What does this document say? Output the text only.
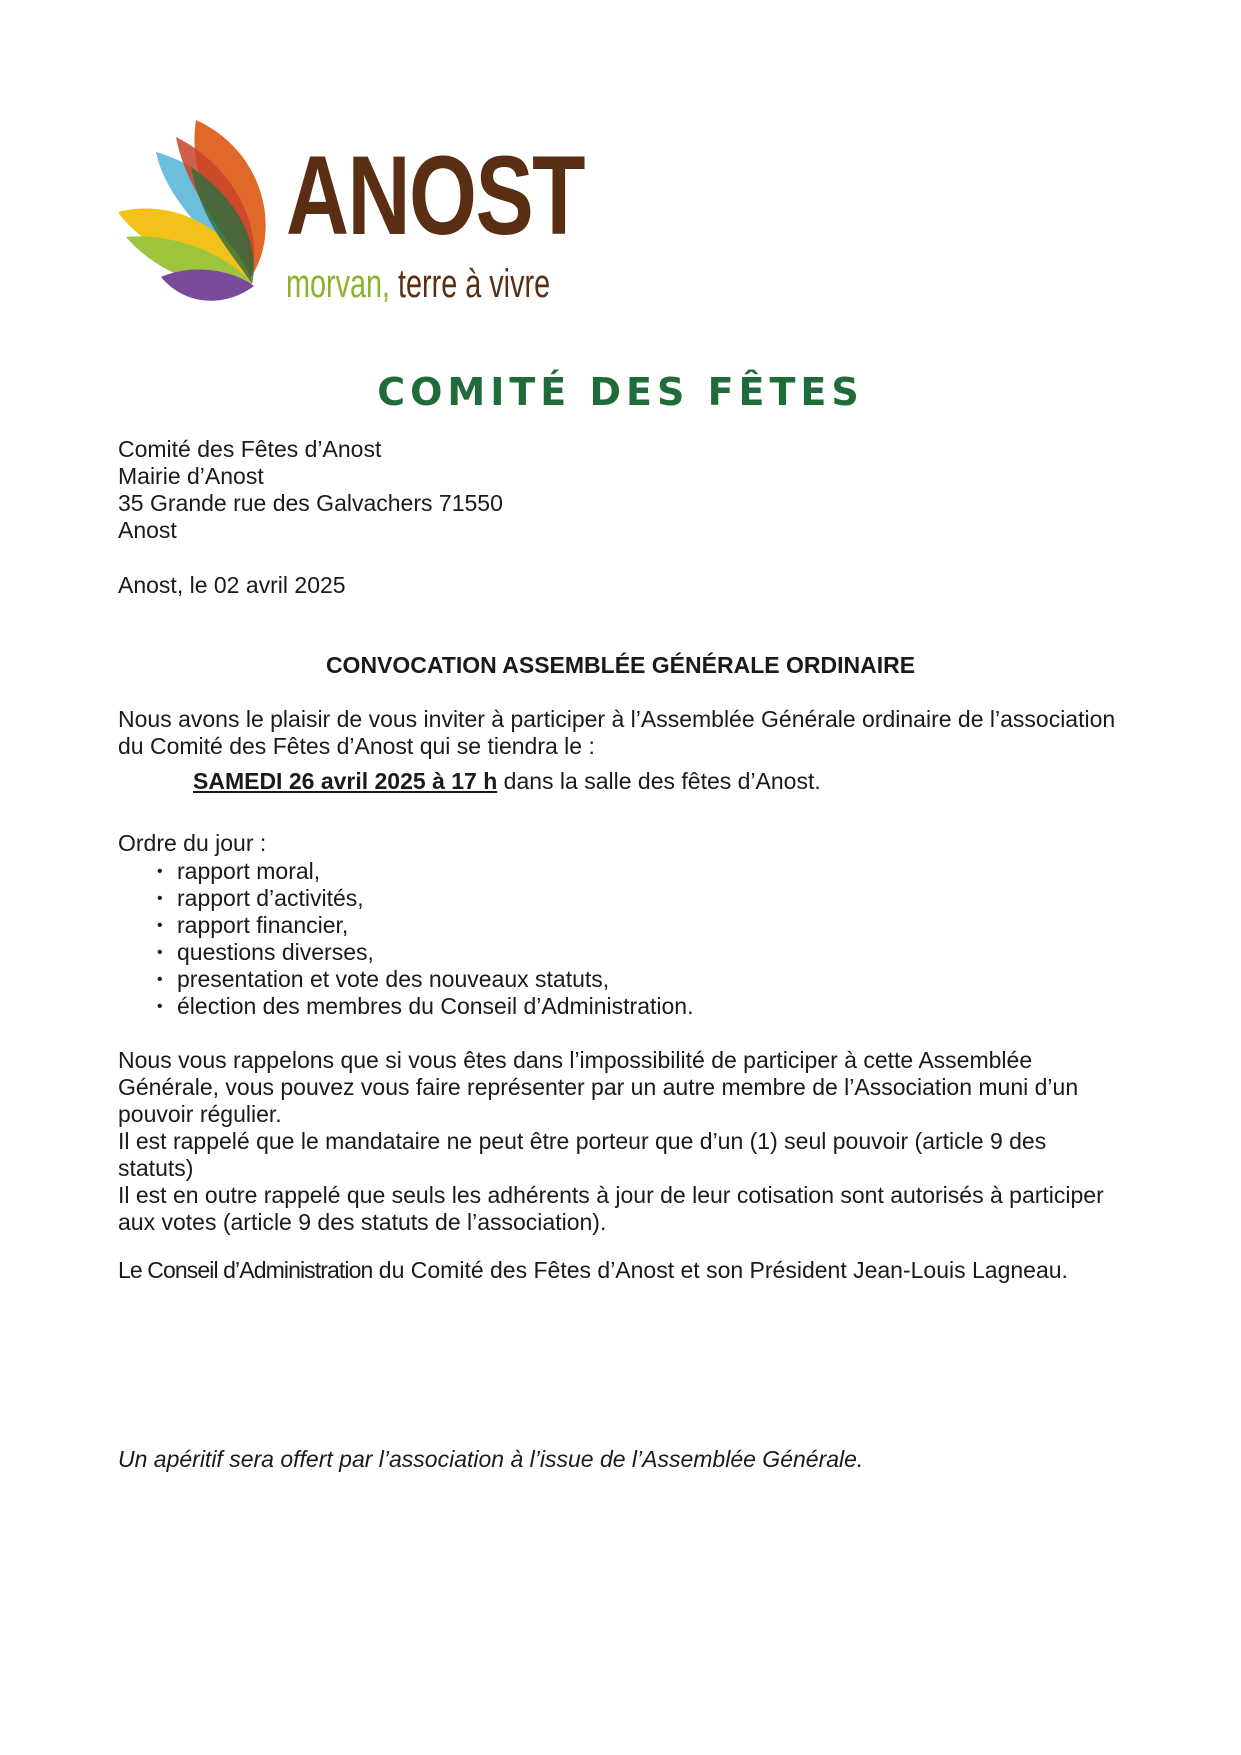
ANOST
morvan, terre à vivre
COMITÉ DES FÊTES
Comité des Fêtes d’Anost
Mairie d’Anost
35 Grande rue des Galvachers 71550
Anost
Anost, le 02 avril 2025
CONVOCATION ASSEMBLÉE GÉNÉRALE ORDINAIRE
Nous avons le plaisir de vous inviter à participer à l’Assemblée Générale ordinaire de l’association du Comité des Fêtes d’Anost qui se tiendra le :
SAMEDI 26 avril 2025 à 17 h dans la salle des fêtes d’Anost.
Ordre du jour :
• rapport moral,
• rapport d’activités,
• rapport financier,
• questions diverses,
• presentation et vote des nouveaux statuts,
• élection des membres du Conseil d’Administration.

Nous vous rappelons que si vous êtes dans l’impossibilité de participer à cette Assemblée Générale, vous pouvez vous faire représenter par un autre membre de l’Association muni d’un pouvoir régulier.

Il est rappelé que le mandataire ne peut être porteur que d’un (1) seul pouvoir (article 9 des statuts)

Il est en outre rappelé que seuls les adhérents à jour de leur cotisation sont autorisés à participer aux votes (article 9 des statuts de l’association).

Le Conseil d’Administration du Comité des Fêtes d’Anost et son Président Jean-Louis Lagneau.
Un apéritif sera offert par l’association à l’issue de l’Assemblée Générale.
